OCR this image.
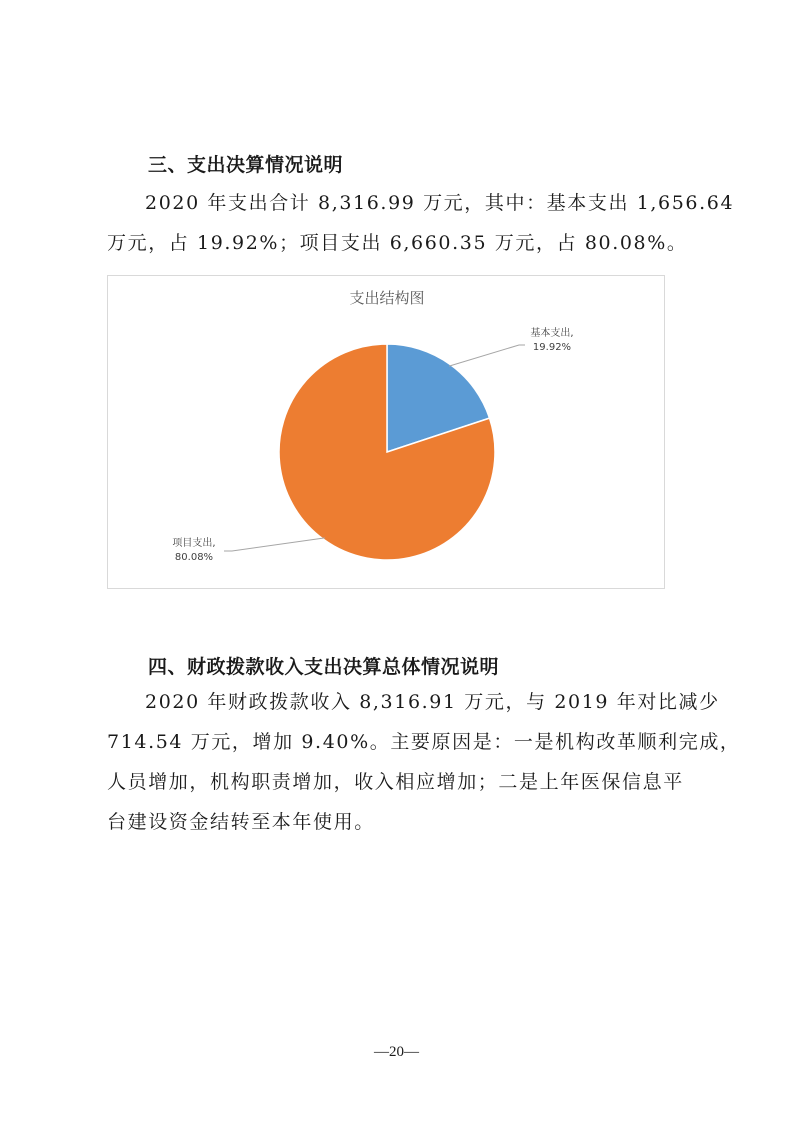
三、支出决算情况说明

2020 年支出合计 8,316.99 万元，其中：基本支出 1,656.64

万元，占 19.92%；项目支出 6,660.35 万元，占 80.08%。

支出结构图
基本支出,
19.92%
项目支出,
80.08%
四、财政拨款收入支出决算总体情况说明

2020 年财政拨款收入 8,316.91 万元，与 2019 年对比减少

714.54 万元，增加 9.40%。主要原因是：一是机构改革顺利完成，

人员增加，机构职责增加，收入相应增加；二是上年医保信息平

台建设资金结转至本年使用。

—20—
